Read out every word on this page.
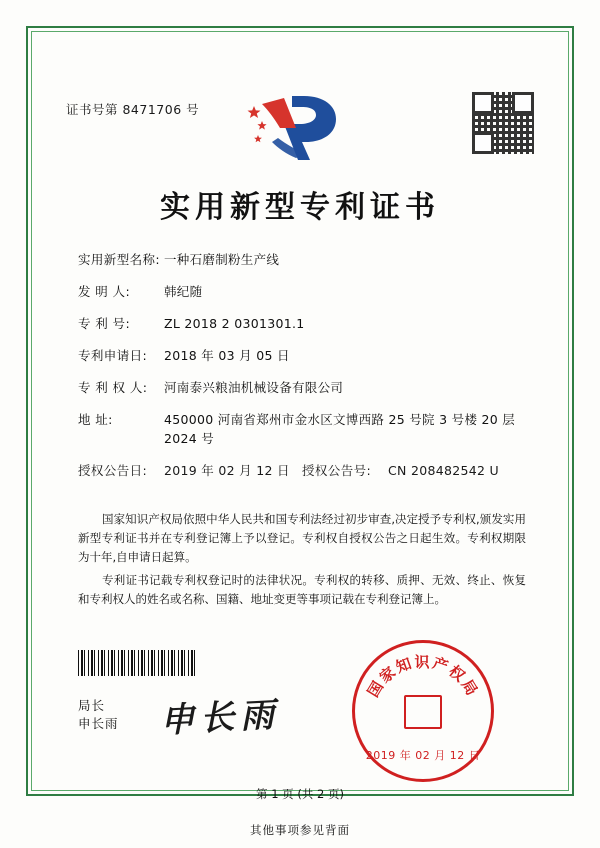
证书号第 8471706 号
实用新型专利证书
实用新型名称: 一种石磨制粉生产线
发 明 人:	韩纪随
专 利 号:	ZL 2018 2 0301301.1
专利申请日:	2018 年 03 月 05 日
专 利 权 人:	河南泰兴粮油机械设备有限公司
地 址:	450000 河南省郑州市金水区文博西路 25 号院 3 号楼 20 层 2024 号
授权公告日:	2019 年 02 月 12 日 授权公告号:	CN 208482542 U

国家知识产权局依照中华人民共和国专利法经过初步审查,决定授予专利权,颁发实用新型专利证书并在专利登记簿上予以登记。专利权自授权公告之日起生效。专利权期限为十年,自申请日起算。

专利证书记载专利权登记时的法律状况。专利权的转移、质押、无效、终止、恢复和专利权人的姓名或名称、国籍、地址变更等事项记载在专利登记簿上。

局长
申长雨 申长雨
国家知识产权局
2019 年 02 月 12 日
第 1 页 (共 2 页)
其他事项参见背面
